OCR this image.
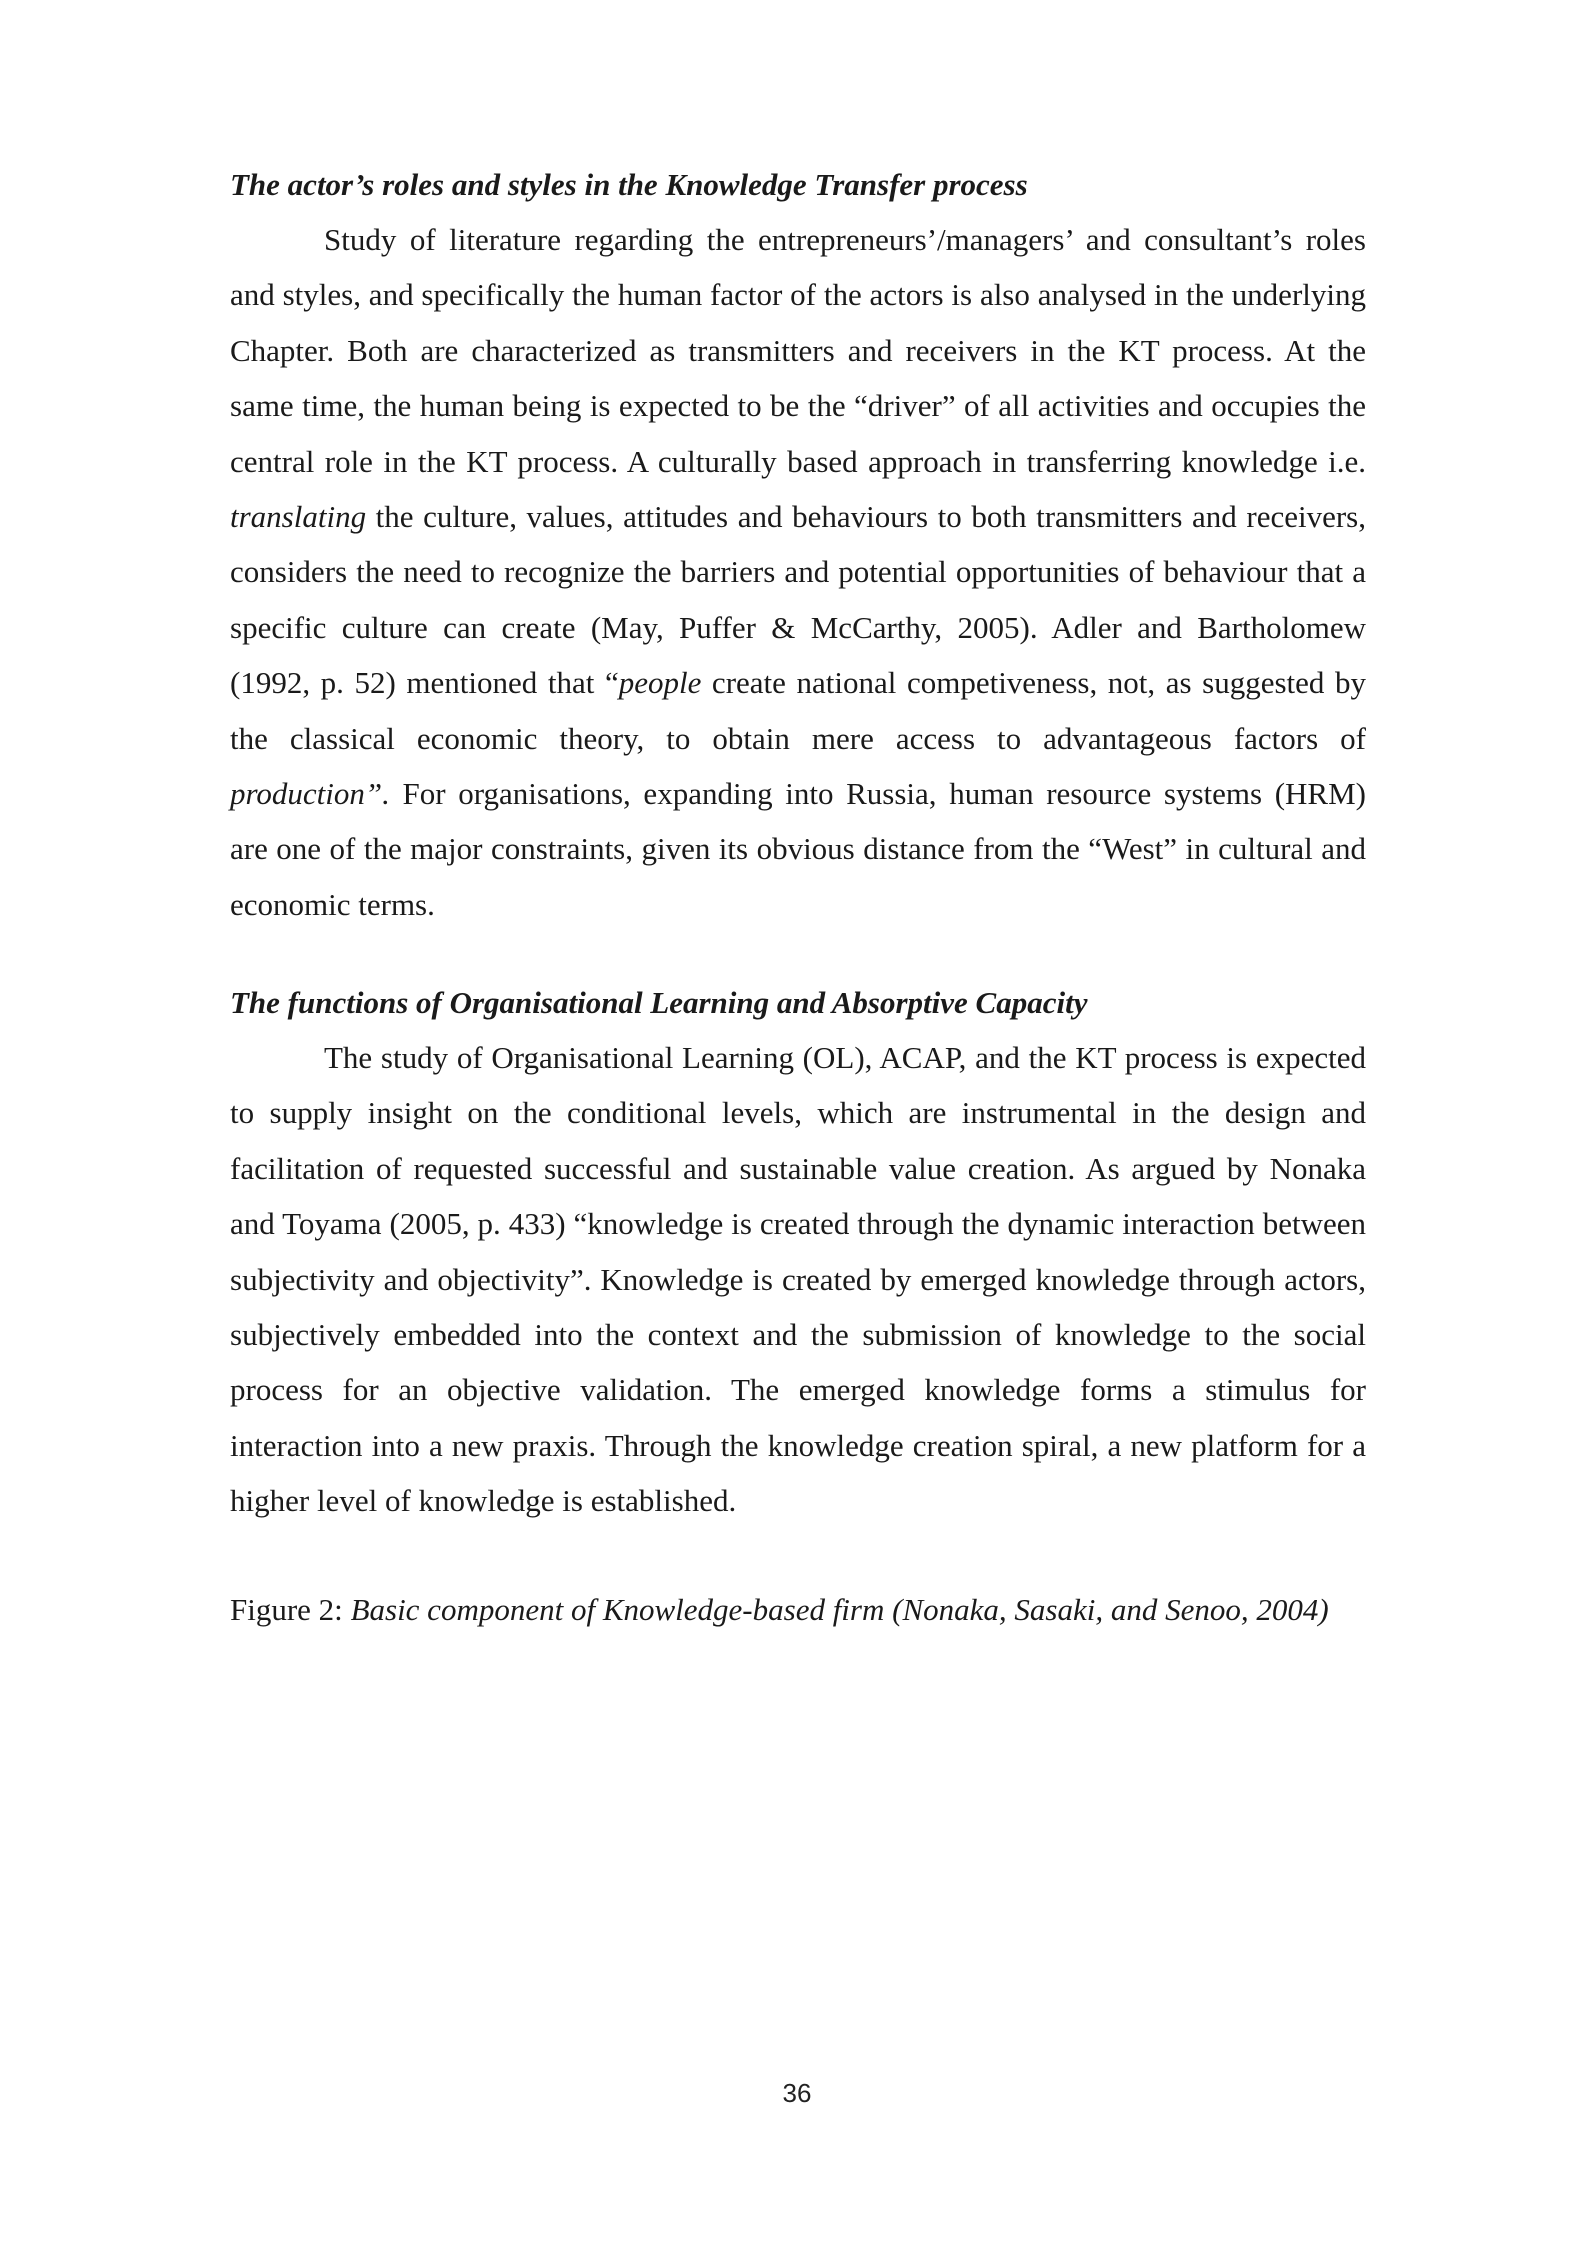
The actor’s roles and styles in the Knowledge Transfer process

Study of literature regarding the entrepreneurs’/managers’ and consultant’s roles and styles, and specifically the human factor of the actors is also analysed in the underlying Chapter. Both are characterized as transmitters and receivers in the KT process. At the same time, the human being is expected to be the “driver” of all activities and occupies the central role in the KT process. A culturally based approach in transferring knowledge i.e. translating the culture, values, attitudes and behaviours to both transmitters and receivers, considers the need to recognize the barriers and potential opportunities of behaviour that a specific culture can create (May, Puffer & McCarthy, 2005). Adler and Bartholomew (1992, p. 52) mentioned that “people create national competiveness, not, as suggested by the classical economic theory, to obtain mere access to advantageous factors of production”. For organisations, expanding into Russia, human resource systems (HRM) are one of the major constraints, given its obvious distance from the “West” in cultural and economic terms.

The functions of Organisational Learning and Absorptive Capacity

The study of Organisational Learning (OL), ACAP, and the KT process is expected to supply insight on the conditional levels, which are instrumental in the design and facilitation of requested successful and sustainable value creation. As argued by Nonaka and Toyama (2005, p. 433) “knowledge is created through the dynamic interaction between subjectivity and objectivity”. Knowledge is created by emerged knowledge through actors, subjectively embedded into the context and the submission of knowledge to the social process for an objective validation. The emerged knowledge forms a stimulus for interaction into a new praxis. Through the knowledge creation spiral, a new platform for a higher level of knowledge is established.

Figure 2: Basic component of Knowledge-based firm (Nonaka, Sasaki, and Senoo, 2004)

36
